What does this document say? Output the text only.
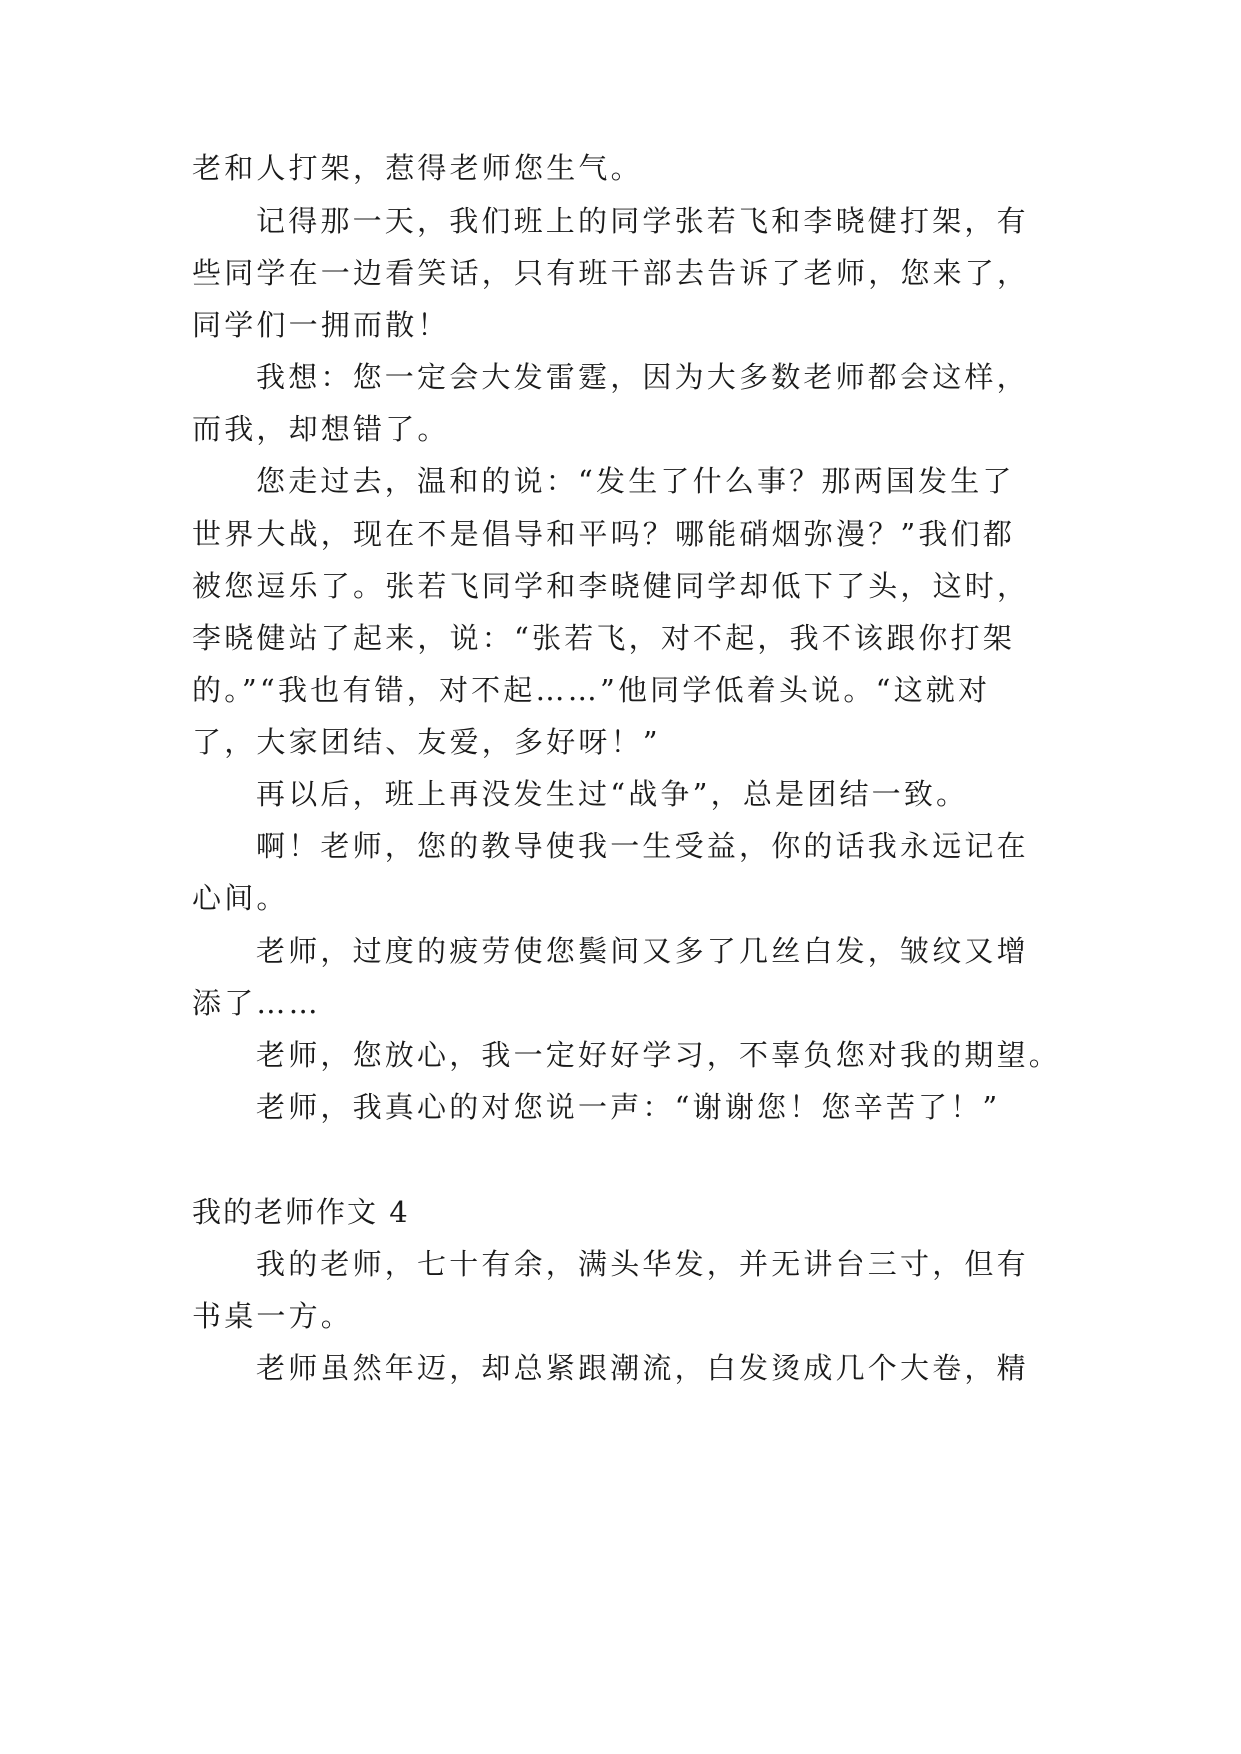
老和人打架，惹得老师您生气。
记得那一天，我们班上的同学张若飞和李晓健打架，有
些同学在一边看笑话，只有班干部去告诉了老师，您来了，
同学们一拥而散！
我想：您一定会大发雷霆，因为大多数老师都会这样，
而我，却想错了。
您走过去，温和的说：“发生了什么事？那两国发生了
世界大战，现在不是倡导和平吗？哪能硝烟弥漫？”我们都
被您逗乐了。张若飞同学和李晓健同学却低下了头，这时，
李晓健站了起来，说：“张若飞，对不起，我不该跟你打架
的。”“我也有错，对不起……”他同学低着头说。“这就对
了，大家团结、友爱，多好呀！”
再以后，班上再没发生过“战争”，总是团结一致。
啊！老师，您的教导使我一生受益，你的话我永远记在
心间。
老师，过度的疲劳使您鬓间又多了几丝白发，皱纹又增
添了……
老师，您放心，我一定好好学习，不辜负您对我的期望。
老师，我真心的对您说一声：“谢谢您！您辛苦了！”
我的老师作文 4
我的老师，七十有余，满头华发，并无讲台三寸，但有
书桌一方。
老师虽然年迈，却总紧跟潮流，白发烫成几个大卷，精
